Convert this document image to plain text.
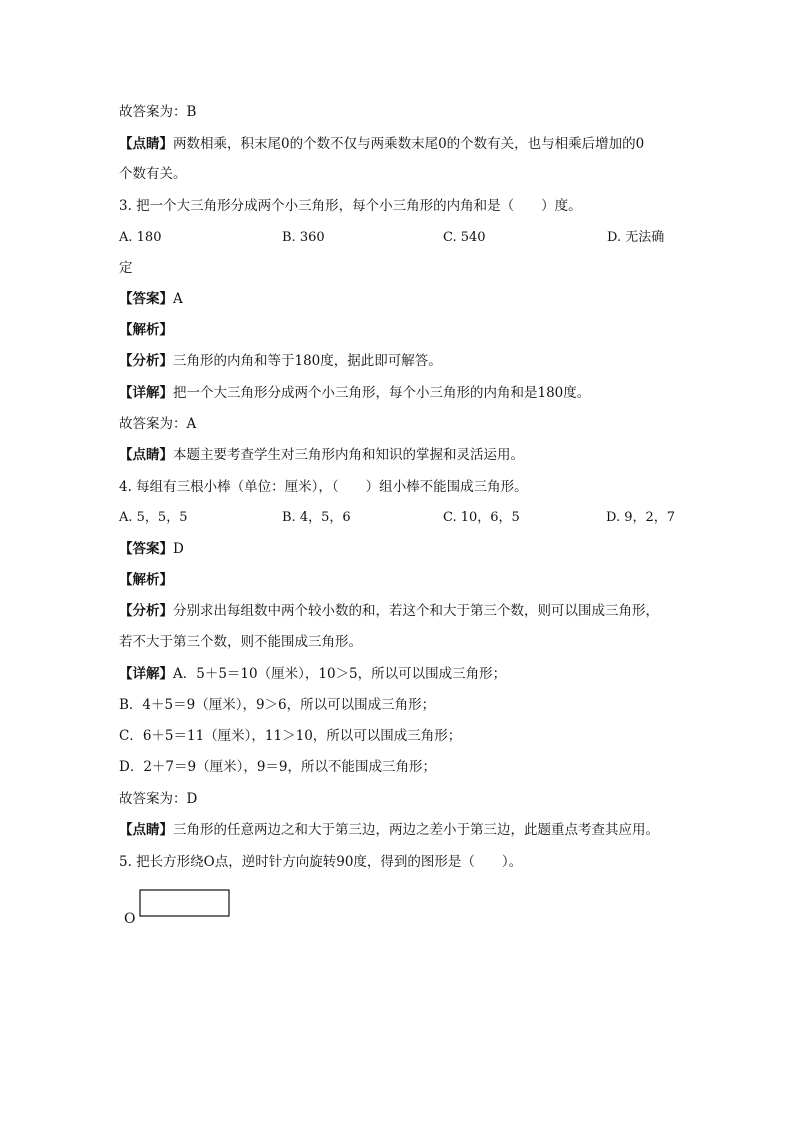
故答案为：B
【点睛】两数相乘，积末尾0的个数不仅与两乘数末尾0的个数有关，也与相乘后增加的0
个数有关。
3. 把一个大三角形分成两个小三角形，每个小三角形的内角和是（　　）度。
A. 180	B. 360	C. 540	D. 无法确
定
【答案】A
【解析】
【分析】三角形的内角和等于180度，据此即可解答。
【详解】把一个大三角形分成两个小三角形，每个小三角形的内角和是180度。
故答案为：A
【点睛】本题主要考查学生对三角形内角和知识的掌握和灵活运用。
4. 每组有三根小棒（单位：厘米），（　　）组小棒不能围成三角形。
A. 5，5，5	B. 4，5，6	C. 10，6，5	D. 9，2，7
【答案】D
【解析】
【分析】分别求出每组数中两个较小数的和，若这个和大于第三个数，则可以围成三角形，
若不大于第三个数，则不能围成三角形。
【详解】A．5＋5＝10（厘米），10＞5，所以可以围成三角形；
B．4＋5＝9（厘米），9＞6，所以可以围成三角形；
C．6＋5＝11（厘米），11＞10，所以可以围成三角形；
D．2＋7＝9（厘米），9＝9，所以不能围成三角形；
故答案为：D
【点睛】三角形的任意两边之和大于第三边，两边之差小于第三边，此题重点考查其应用。
5. 把长方形绕O点，逆时针方向旋转90度，得到的图形是（　　）。
O
